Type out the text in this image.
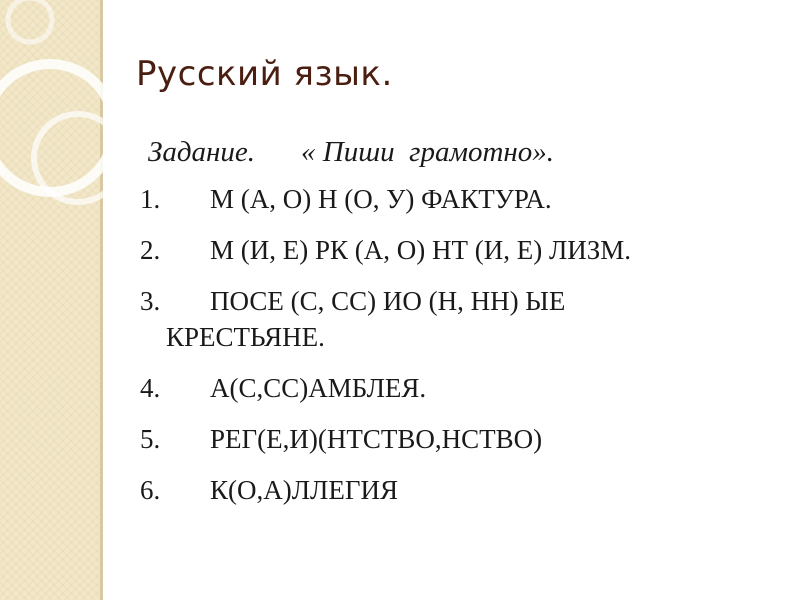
Русский язык.

Задание. « Пиши  грамотно».

1. М (А, О) Н (О, У) ФАКТУРА.
2. М (И, Е) РК (А, О) НТ (И, Е) ЛИЗМ.
3. ПОСЕ (С, СС) ИО (Н, НН) ЫЕ
КРЕСТЬЯНЕ.
4. А(С,СС)АМБЛЕЯ.
5. РЕГ(Е,И)(НТСТВО,НСТВО)
6. К(О,А)ЛЛЕГИЯ
